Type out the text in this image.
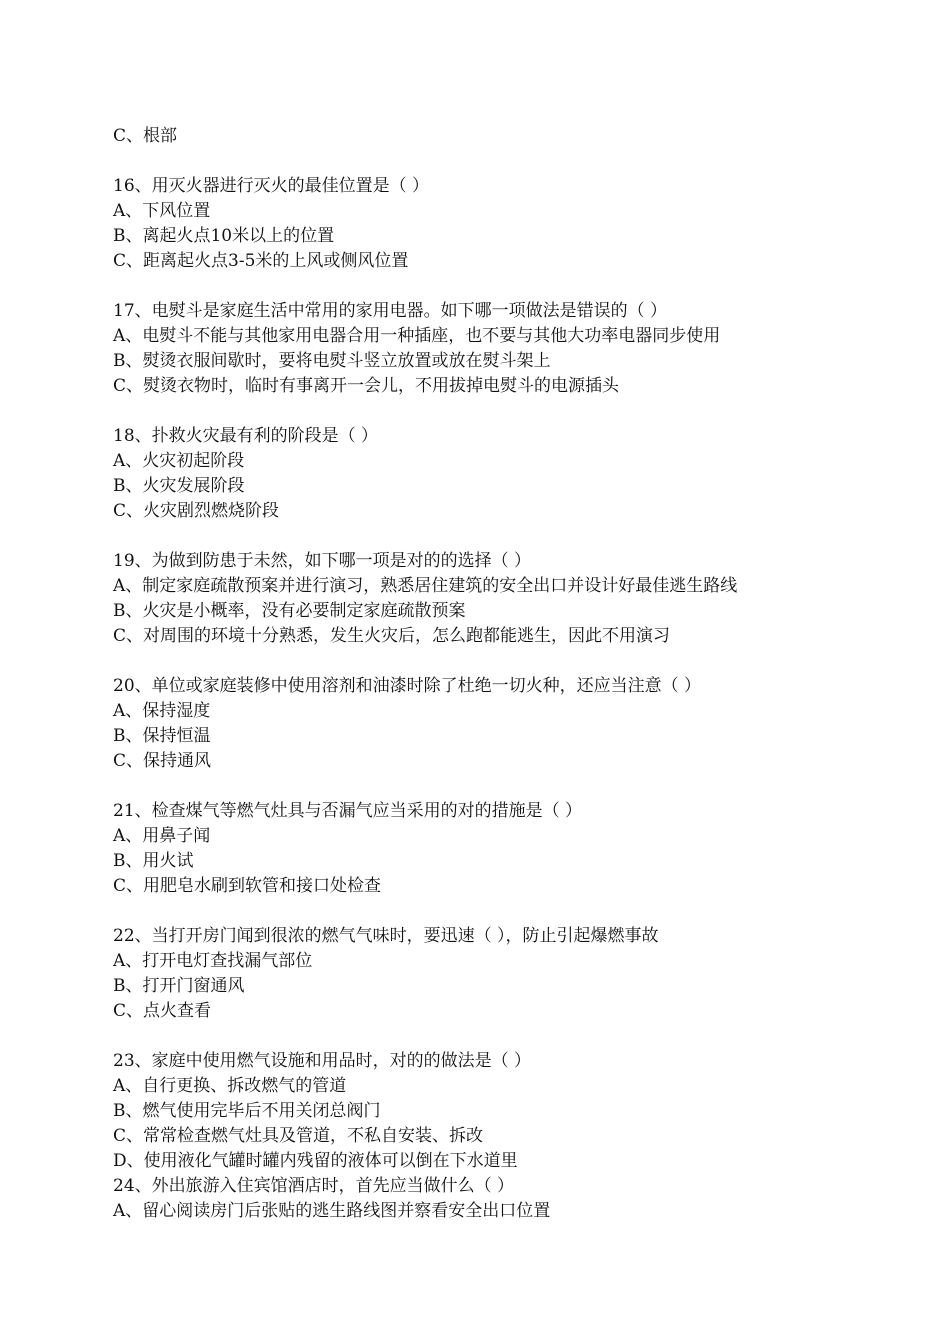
C、根部
16、用灭火器进行灭火的最佳位置是（ ）
A、下风位置
B、离起火点10米以上的位置
C、距离起火点3-5米的上风或侧风位置
17、电熨斗是家庭生活中常用的家用电器。如下哪一项做法是错误的（ ）
A、电熨斗不能与其他家用电器合用一种插座，也不要与其他大功率电器同步使用
B、熨烫衣服间歇时，要将电熨斗竖立放置或放在熨斗架上
C、熨烫衣物时，临时有事离开一会儿，不用拔掉电熨斗的电源插头
18、扑救火灾最有利的阶段是（ ）
A、火灾初起阶段
B、火灾发展阶段
C、火灾剧烈燃烧阶段
19、为做到防患于未然，如下哪一项是对的的选择（ ）
A、制定家庭疏散预案并进行演习，熟悉居住建筑的安全出口并设计好最佳逃生路线
B、火灾是小概率，没有必要制定家庭疏散预案
C、对周围的环境十分熟悉，发生火灾后，怎么跑都能逃生，因此不用演习
20、单位或家庭装修中使用溶剂和油漆时除了杜绝一切火种，还应当注意（ ）
A、保持湿度
B、保持恒温
C、保持通风
21、检查煤气等燃气灶具与否漏气应当采用的对的措施是（ ）
A、用鼻子闻
B、用火试
C、用肥皂水刷到软管和接口处检查
22、当打开房门闻到很浓的燃气气味时，要迅速（ ），防止引起爆燃事故
A、打开电灯查找漏气部位
B、打开门窗通风
C、点火查看
23、家庭中使用燃气设施和用品时，对的的做法是（ ）
A、自行更换、拆改燃气的管道
B、燃气使用完毕后不用关闭总阀门
C、常常检查燃气灶具及管道，不私自安装、拆改
D、使用液化气罐时罐内残留的液体可以倒在下水道里
24、外出旅游入住宾馆酒店时，首先应当做什么（ ）
A、留心阅读房门后张贴的逃生路线图并察看安全出口位置
